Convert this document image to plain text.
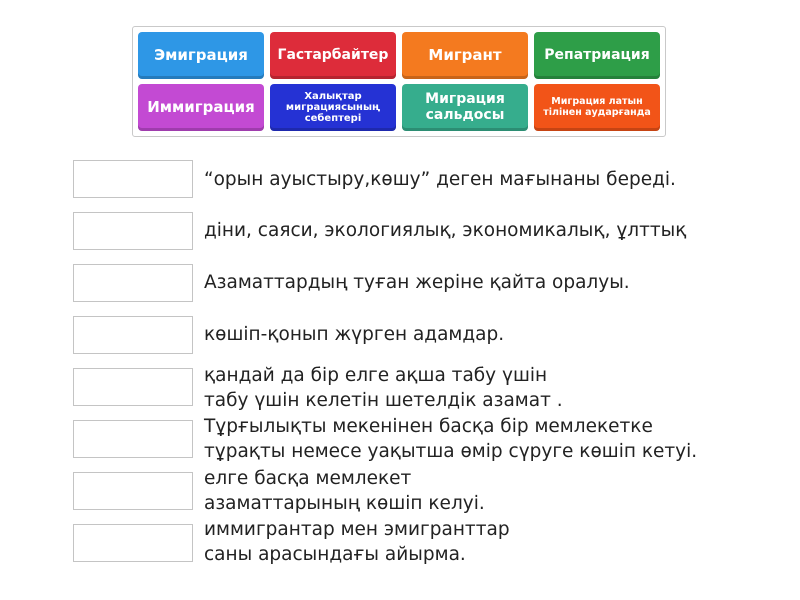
Эмиграция	Гастарбайтер	Мигрант	Репатриация
Иммиграция
Халықтар миграциясының себептері
Миграция сальдосы
Миграция латын тілінен аударғанда
“орын ауыстыру,көшу” деген мағынаны береді.
діни, саяси, экологиялық, экономикалық, ұлттық
Азаматтардың туған жеріне қайта оралуы.
көшіп-қонып жүрген адамдар.
қандай да бір елге ақша табу үшін
табу үшін келетін шетелдік азамат .
Тұрғылықты мекенінен басқа бір мемлекетке
тұрақты немесе уақытша өмір сүруге көшіп кетуі.
елге басқа мемлекет
азаматтарының көшіп келуі.
иммигрантар мен эмигранттар
саны арасындағы айырма.
